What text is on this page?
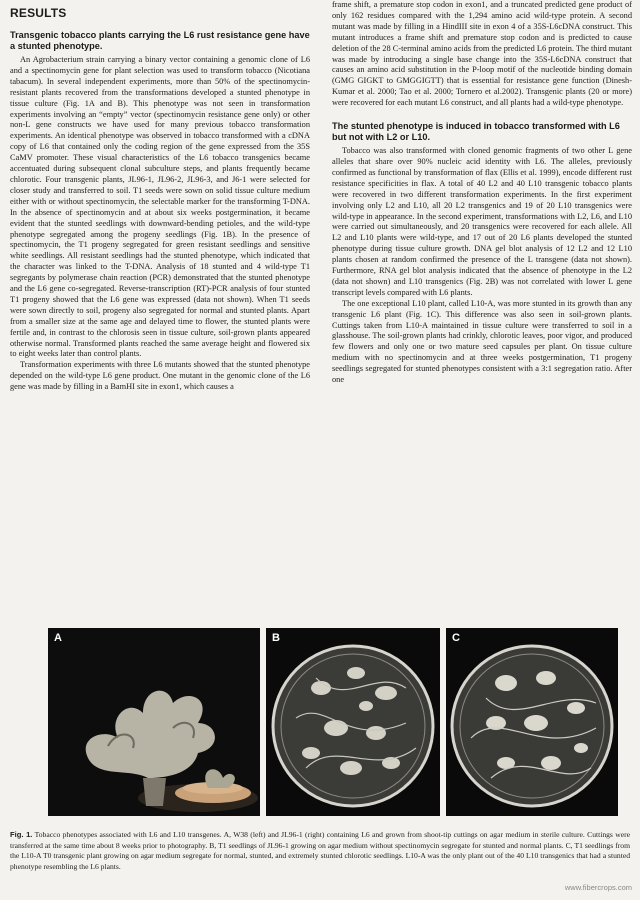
RESULTS
Transgenic tobacco plants carrying the L6 rust resistance gene have a stunted phenotype.

An Agrobacterium strain carrying a binary vector containing a genomic clone of L6 and a spectinomycin gene for plant selection was used to transform tobacco (Nicotiana tabacum). In several independent experiments, more than 50% of the spectinomycin-resistant plants recovered from the transformations developed a stunted phenotype in tissue culture (Fig. 1A and B). This phenotype was not seen in transformation experiments involving an “empty” vector (spectinomycin resistance gene only) or other non-L gene constructs we have used for many previous tobacco transformation experiments. An identical phenotype was observed in tobacco transformed with a cDNA copy of L6 that contained only the coding region of the gene expressed from the 35S CaMV promoter. These visual characteristics of the L6 tobacco transgenics became accentuated during subsequent clonal subculture steps, and plants frequently became chlorotic. Four transgenic plants, JL96-1, JL96-2, JL96-3, and J6-1 were selected for closer study and transferred to soil. T1 seeds were sown on solid tissue culture medium either with or without spectinomycin, the selectable marker for the transforming T-DNA. In the absence of spectinomycin and at about six weeks postgermination, it became evident that the stunted seedlings with downward-bending petioles, and the wild-type phenotype segregated among the progeny seedlings (Fig. 1B). In the presence of spectinomycin, the T1 progeny segregated for green resistant seedlings and sensitive white seedlings. All resistant seedlings had the stunted phenotype, which indicated that the character was linked to the T-DNA. Analysis of 18 stunted and 4 wild-type T1 segregants by polymerase chain reaction (PCR) demonstrated that the stunted phenotype and the L6 gene co-segregated. Reverse-transcription (RT)-PCR analysis of four stunted T1 progeny showed that the L6 gene was expressed (data not shown). When T1 seeds were sown directly to soil, progeny also segregated for normal and stunted plants. Apart from a smaller size at the same age and delayed time to flower, the stunted plants were fertile and, in contrast to the chlorosis seen in tissue culture, soil-grown plants appeared otherwise normal. Transformed plants reached the same average height and flowered six to eight weeks later than control plants.

Transformation experiments with three L6 mutants showed that the stunted phenotype depended on the wild-type L6 gene product. One mutant in the genomic clone of the L6 gene was made by filling in a BamHI site in exon1, which causes a

frame shift, a premature stop codon in exon1, and a truncated predicted gene product of only 162 residues compared with the 1,294 amino acid wild-type protein. A second mutant was made by filling in a HindIII site in exon 4 of a 35S-L6cDNA construct. This mutant introduces a frame shift and premature stop codon and is predicted to cause deletion of the 28 C-terminal amino acids from the predicted L6 protein. The third mutant was made by introducing a single base change into the 35S-L6cDNA construct that causes an amino acid substitution in the P-loop motif of the nucleotide binding domain (GMG GIGKT to GMGGIGTT) that is essential for resistance gene function (Dinesh-Kumar et al. 2000; Tao et al. 2000; Tornero et al.2002). Transgenic plants (20 or more) were recovered for each mutant L6 construct, and all plants had a wild-type phenotype.

The stunted phenotype is induced in tobacco transformed with L6 but not with L2 or L10.

Tobacco was also transformed with cloned genomic fragments of two other L gene alleles that share over 90% nucleic acid identity with L6. The alleles, previously confirmed as functional by transformation of flax (Ellis et al. 1999), encode different rust resistance specificities in flax. A total of 40 L2 and 40 L10 transgenic tobacco plants were recovered in two different transformation experiments. In the first experiment involving only L2 and L10, all 20 L2 transgenics and 19 of 20 L10 transgenics were wild-type in appearance. In the second experiment, transformations with L2, L6, and L10 were carried out simultaneously, and 20 transgenics were recovered for each allele. All L2 and L10 plants were wild-type, and 17 out of 20 L6 plants developed the stunted phenotype during tissue culture growth. DNA gel blot analysis of 12 L2 and 12 L10 plants chosen at random confirmed the presence of the L transgene (data not shown). Furthermore, RNA gel blot analysis indicated that the absence of phenotype in the L2 (data not shown) and L10 transgenics (Fig. 2B) was not correlated with lower L gene transcript levels compared with L6 plants.

The one exceptional L10 plant, called L10-A, was more stunted in its growth than any transgenic L6 plant (Fig. 1C). This difference was also seen in soil-grown plants. Cuttings taken from L10-A maintained in tissue culture were transferred to soil in a glasshouse. The soil-grown plants had crinkly, chlorotic leaves, poor vigor, and produced few flowers and only one or two mature seed capsules per plant. On tissue culture medium with no spectinomycin and at three weeks postgermination, T1 progeny seedlings segregated for stunted phenotypes consistent with a 3:1 segregation ratio. After one

A	B	C

Fig. 1. Tobacco phenotypes associated with L6 and L10 transgenes. A, W38 (left) and JL96-1 (right) containing L6 and grown from shoot-tip cuttings on agar medium in sterile culture. Cuttings were transferred at the same time about 8 weeks prior to photography. B, T1 seedlings of JL96-1 growing on agar medium without spectinomycin segregate for stunted and normal plants. C, T1 seedlings from the L10-A T0 transgenic plant growing on agar medium segregate for normal, stunted, and extremely stunted chlorotic seedlings. L10-A was the only plant out of the 40 L10 transgenics that had a stunted phenotype resembling the L6 plants.

www.fibercrops.com
